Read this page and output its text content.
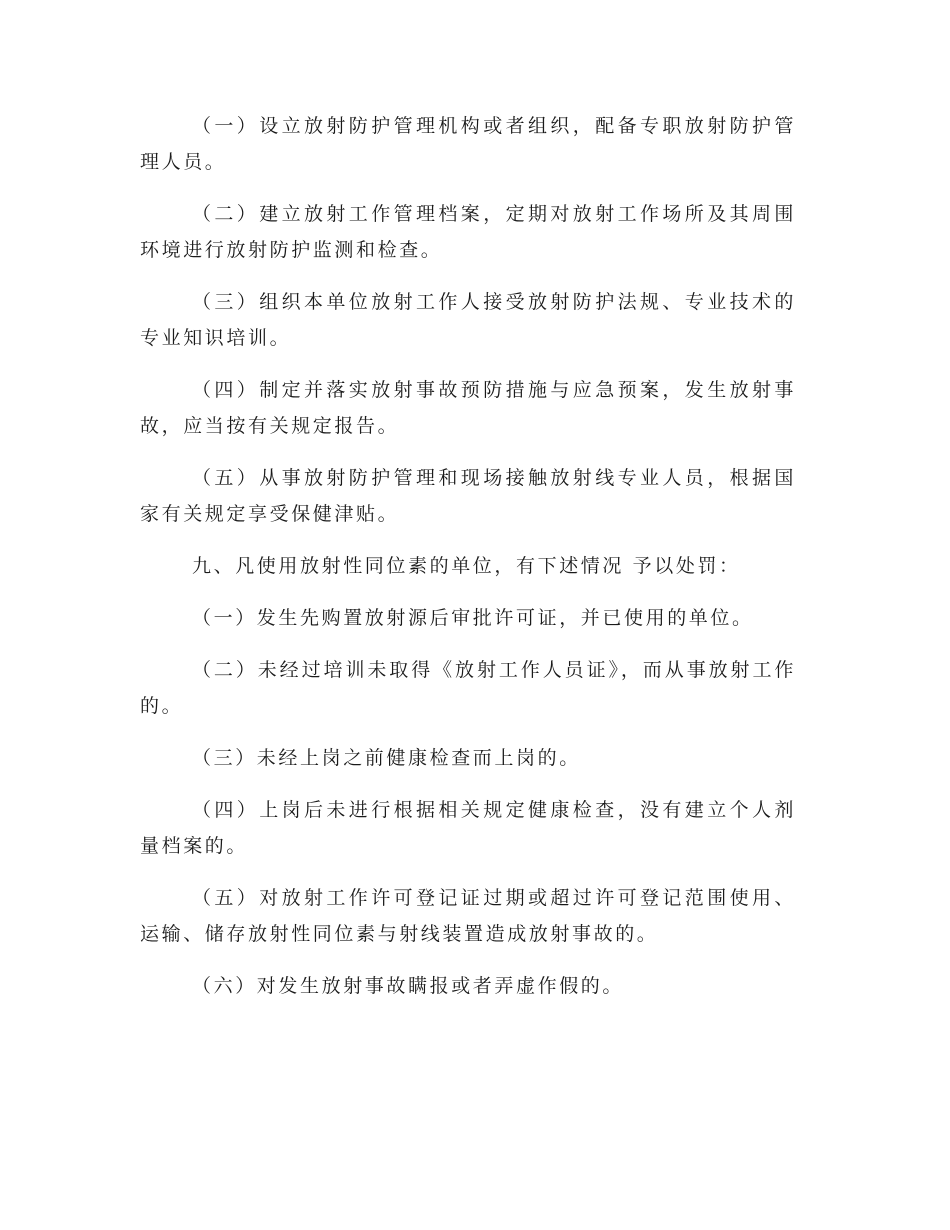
（一）设立放射防护管理机构或者组织，配备专职放射防护管理人员。

（二）建立放射工作管理档案，定期对放射工作场所及其周围环境进行放射防护监测和检查。

（三）组织本单位放射工作人接受放射防护法规、专业技术的专业知识培训。

（四）制定并落实放射事故预防措施与应急预案，发生放射事故，应当按有关规定报告。

（五）从事放射防护管理和现场接触放射线专业人员，根据国家有关规定享受保健津贴。

九、凡使用放射性同位素的单位，有下述情况 予以处罚：

（一）发生先购置放射源后审批许可证，并已使用的单位。

（二）未经过培训未取得《放射工作人员证》，而从事放射工作的。

（三）未经上岗之前健康检查而上岗的。

（四）上岗后未进行根据相关规定健康检查，没有建立个人剂量档案的。

（五）对放射工作许可登记证过期或超过许可登记范围使用、运输、储存放射性同位素与射线装置造成放射事故的。

（六）对发生放射事故瞒报或者弄虚作假的。
